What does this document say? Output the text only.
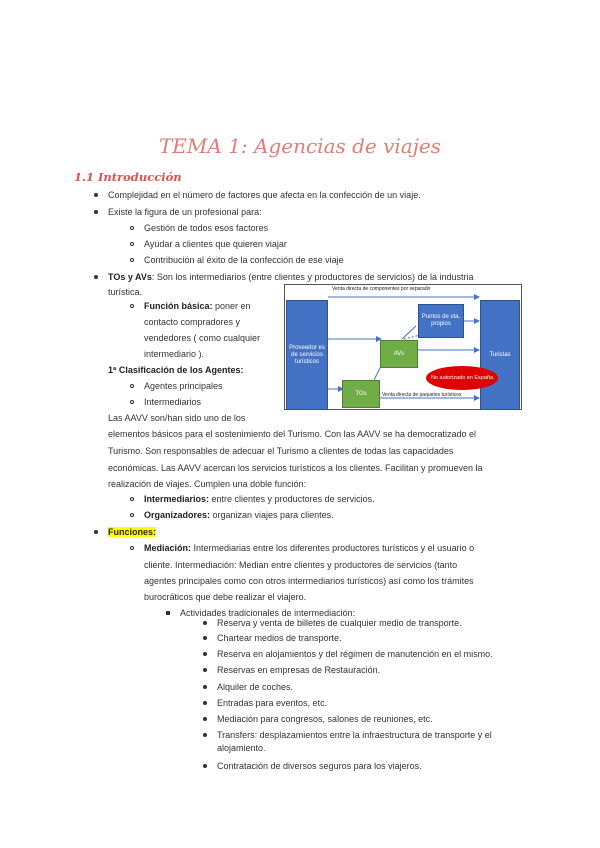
TEMA 1: Agencias de viajes
1.1 Introducción
Complejidad en el número de factores que afecta en la confección de un viaje.
Existe la figura de un profesional para:
Gestión de todos esos factores
Ayudar a clientes que quieren viajar
Contribución al éxito de la confección de ese viaje
TOs y AVs: Son los intermediarios (entre clientes y productores de servicios) de la industria
turística.
Función básica: poner en
contacto compradores y
vendedores ( como cualquier
intermediario ).
1ª Clasificación de los Agentes:
Agentes principales
Intermediarios
Las AAVV son/han sido uno de los
elementos básicos para el sostenimiento del Turismo. Con las AAVV se ha democratizado el
Turismo. Son responsables de adecuar el Turismo a clientes de todas las capacidades
económicas. Las AAVV acercan los servicios turísticos a los clientes. Facilitan y promueven la
realización de viajes. Cumplen una doble función:
Intermediarios: entre clientes y productores de servicios.
Organizadores: organizan viajes para clientes.
Funciones:
Mediación: Intermediarias entre los diferentes productores turísticos y el usuario o
cliente. Intermediación: Median entre clientes y productores de servicios (tanto
agentes principales como con otros intermediarios turísticos) así como los trámites
burocráticos que debe realizar el viajero.
Actividades tradicionales de intermediación:
Reserva y venta de billetes de cualquier medio de transporte.
Chartear medios de transporte.
Reserva en alojamientos y del régimen de manutención en el mismo.
Reservas en empresas de Restauración.
Alquiler de coches.
Entradas para eventos, etc.
Mediación para congresos, salones de reuniones, etc.
Transfers: desplazamientos entre la infraestructura de transporte y el
alojamiento.
Contratación de diversos seguros para los viajeros.
Venta directa de componentes por separado
Proveedor es de servicios turísticos
Turistas
Puntos de vta. propios
AVs
TOs
No autorizado en España
Venta directa de paquetes turísticos
